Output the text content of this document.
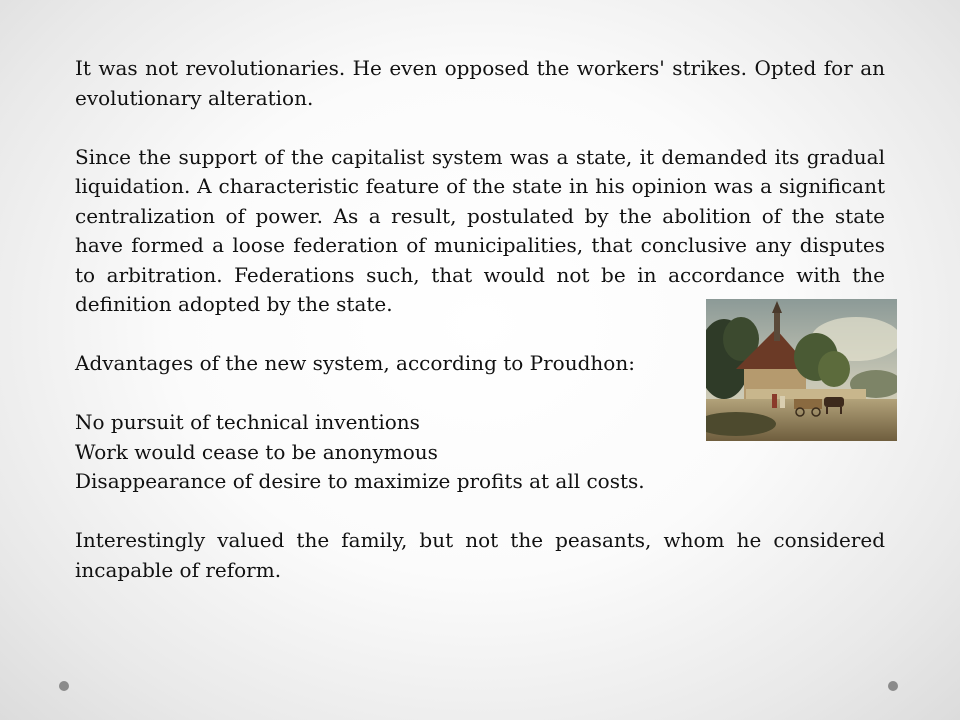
It was not revolutionaries. He even opposed the workers' strikes. Opted for an evolutionary alteration.

Since the support of the capitalist system was a state, it demanded its gradual liquidation. A characteristic feature of the state in his opinion was a significant centralization of power. As a result, postulated by the abolition of the state have formed a loose federation of municipalities, that conclusive any disputes to arbitration. Federations such, that would not be in accordance with the definition adopted by the state.

Advantages of the new system, according to Proudhon:

No pursuit of technical inventions

Work would cease to be anonymous

Disappearance of desire to maximize profits at all costs.

Interestingly valued the family, but not the peasants, whom he considered incapable of reform.
